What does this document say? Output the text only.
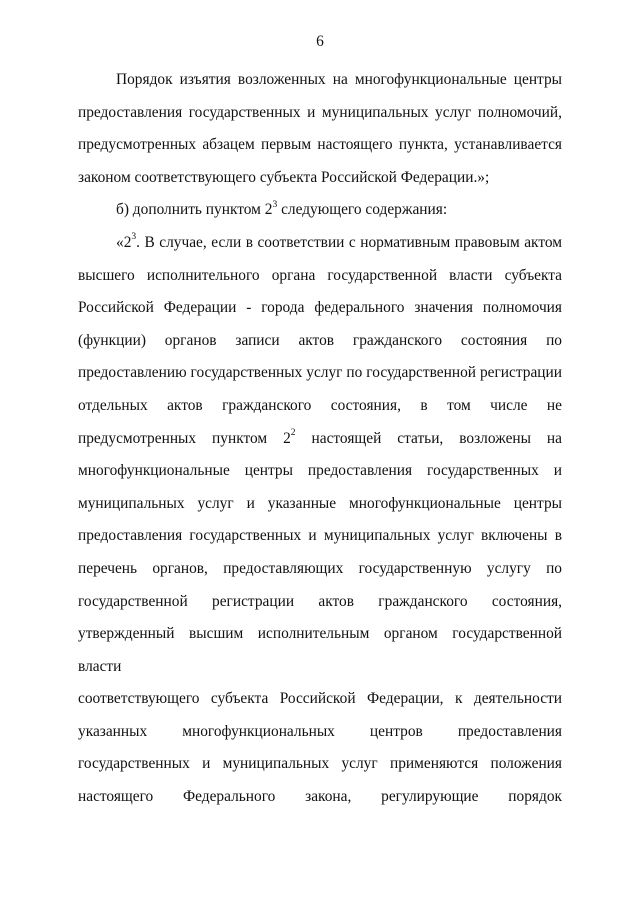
6
Порядок изъятия возложенных на многофункциональные центры
предоставления государственных и муниципальных услуг полномочий,
предусмотренных абзацем первым настоящего пункта, устанавливается
законом соответствующего субъекта Российской Федерации.»;
б) дополнить пунктом $2^3$ следующего содержания:
«$2^3$. В случае, если в соответствии с нормативным правовым актом
высшего исполнительного органа государственной власти субъекта
Российской Федерации - города федерального значения полномочия
(функции) органов записи актов гражданского состояния по
предоставлению государственных услуг по государственной регистрации
отдельных актов гражданского состояния, в том числе не
предусмотренных пунктом $2^2$ настоящей статьи, возложены на
многофункциональные центры предоставления государственных и
муниципальных услуг и указанные многофункциональные центры
предоставления государственных и муниципальных услуг включены в
перечень органов, предоставляющих государственную услугу по
государственной регистрации актов гражданского состояния,
утвержденный высшим исполнительным органом государственной власти
соответствующего субъекта Российской Федерации, к деятельности
указанных многофункциональных центров предоставления
государственных и муниципальных услуг применяются положения
настоящего Федерального закона, регулирующие порядок
